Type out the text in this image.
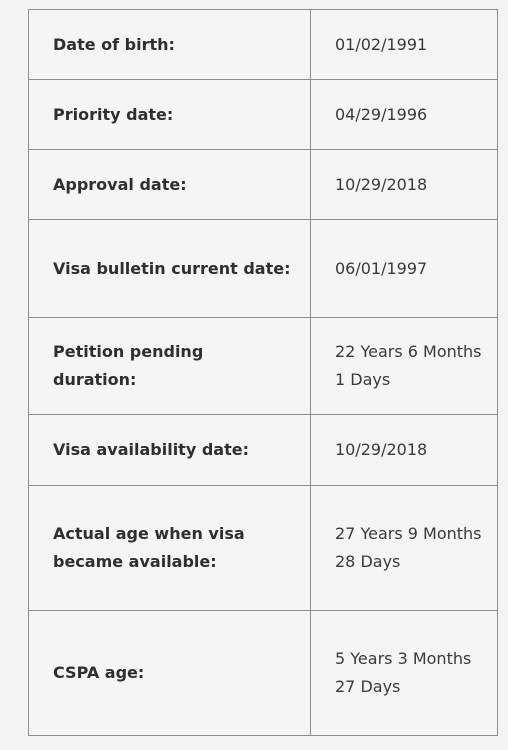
Date of birth:	01/02/1991
Priority date:	04/29/1996
Approval date:	10/29/2018
Visa bulletin current date:	06/01/1997
Petition pending duration:	22 Years 6 Months 1 Days
Visa availability date:	10/29/2018
Actual age when visa became available:	27 Years 9 Months 28 Days
CSPA age:	5 Years 3 Months 27 Days
